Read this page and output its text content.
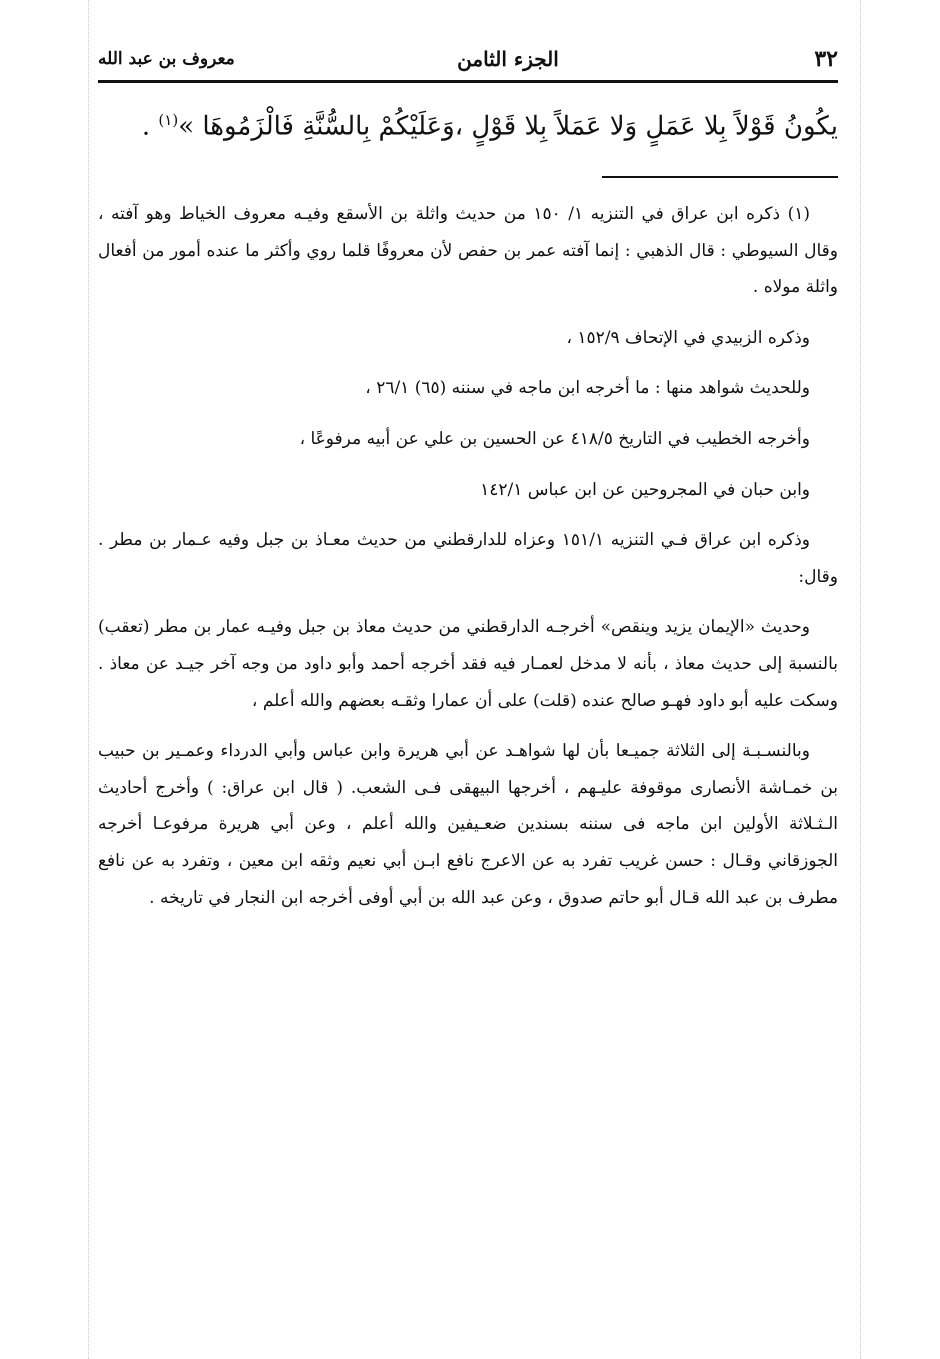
٣٢
الجزء الثامن
معروف بن عبد الله
يكُونُ قَوْلاً بِلا عَمَلٍ وَلا عَمَلاً بِلا قَوْلٍ ،وَعَلَيْكُمْ بِالسُّنَّةِ فَالْزَمُوهَا »$^{(١)}$ .

(١) ذكره ابن عراق في التنزيه ١/ ١٥٠ من حديث واثلة بن الأسقع وفيـه معروف الخياط وهو آفته ، وقال السيوطي : قال الذهبي : إنما آفته عمر بن حفص لأن معروفًا قلما روي وأكثر ما عنده أمور من أفعال واثلة مولاه .

وذكره الزبيدي في الإتحاف ١٥٢/٩ ،

وللحديث شواهد منها : ما أخرجه ابن ماجه في سننه (٦٥) ٢٦/١ ،

وأخرجه الخطيب في التاريخ ٤١٨/٥ عن الحسين بن علي عن أبيه مرفوعًا ،

وابن حبان في المجروحين عن ابن عباس ١٤٢/١

وذكره ابن عراق فـي التنزيه ١٥١/١ وعزاه للدارقطني من حديث معـاذ بن جبل وفيه عـمار بن مطر . وقال:

وحديث «الإيمان يزيد وينقص» أخرجـه الدارقطني من حديث معاذ بن جبل وفيـه عمار بن مطر (تعقب) بالنسبة إلى حديث معاذ ، بأنه لا مدخل لعمـار فيه فقد أخرجه أحمد وأبو داود من وجه آخر جيـد عن معاذ . وسكت عليه أبو داود فهـو صالح عنده (قلت) على أن عمارا وثقـه بعضهم والله أعلم ،

وبالنسـبـة إلى الثلاثة جميـعا بأن لها شواهـد عن أبي هريرة وابن عباس وأبي الدرداء وعمـير بن حبيب بن خمـاشة الأنصارى موقوفة عليـهم ، أخرجها البيهقى فـى الشعب. ( قال ابن عراق: ) وأخرج أحاديث الـثـلاثة الأولين ابن ماجه فى سننه بسندين ضعـيفين والله أعلم ، وعن أبي هريرة مرفوعـا أخرجه الجوزقاني وقـال : حسن غريب تفرد به عن الاعرج نافع ابـن أبي نعيم وثقه ابن معين ، وتفرد به عن نافع مطرف بن عبد الله قـال أبو حاتم صدوق ، وعن عبد الله بن أبي أوفى أخرجه ابن النجار في تاريخه .
